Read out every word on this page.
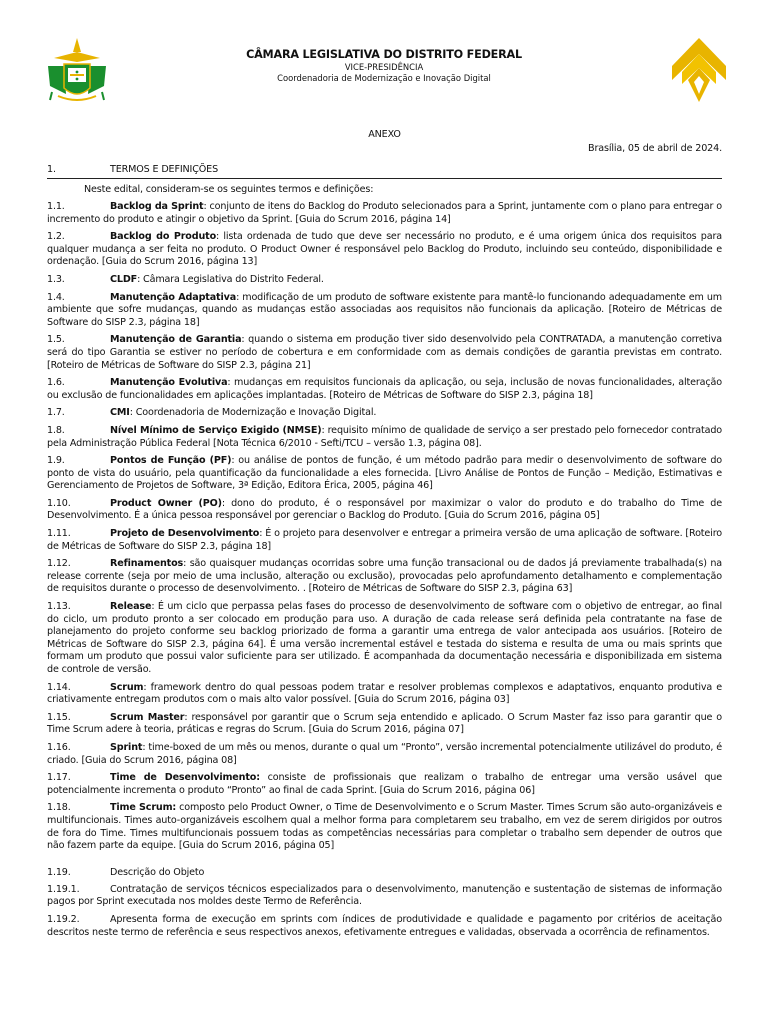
CÂMARA LEGISLATIVA DO DISTRITO FEDERAL
VICE-PRESIDÊNCIA
Coordenadoria de Modernização e Inovação Digital
ANEXO
Brasília, 05 de abril de 2024.
1.	TERMOS E DEFINIÇÕES
Neste edital, consideram-se os seguintes termos e definições:

1.1.	Backlog da Sprint: conjunto de itens do Backlog do Produto selecionados para a Sprint, juntamente com o plano para entregar o incremento do produto e atingir o objetivo da Sprint. [Guia do Scrum 2016, página 14]

1.2.	Backlog do Produto: lista ordenada de tudo que deve ser necessário no produto, e é uma origem única dos requisitos para qualquer mudança a ser feita no produto. O Product Owner é responsável pelo Backlog do Produto, incluindo seu conteúdo, disponibilidade e ordenação. [Guia do Scrum 2016, página 13]

1.3.	CLDF: Câmara Legislativa do Distrito Federal.

1.4.	Manutenção Adaptativa: modificação de um produto de software existente para mantê-lo funcionando adequadamente em um ambiente que sofre mudanças, quando as mudanças estão associadas aos requisitos não funcionais da aplicação. [Roteiro de Métricas de Software do SISP 2.3, página 18]

1.5.	Manutenção de Garantia: quando o sistema em produção tiver sido desenvolvido pela CONTRATADA, a manutenção corretiva será do tipo Garantia se estiver no período de cobertura e em conformidade com as demais condições de garantia previstas em contrato. [Roteiro de Métricas de Software do SISP 2.3, página 21]

1.6.	Manutenção Evolutiva: mudanças em requisitos funcionais da aplicação, ou seja, inclusão de novas funcionalidades, alteração ou exclusão de funcionalidades em aplicações implantadas. [Roteiro de Métricas de Software do SISP 2.3, página 18]

1.7.	CMI: Coordenadoria de Modernização e Inovação Digital.

1.8.	Nível Mínimo de Serviço Exigido (NMSE): requisito mínimo de qualidade de serviço a ser prestado pelo fornecedor contratado pela Administração Pública Federal [Nota Técnica 6/2010 - Sefti/TCU – versão 1.3, página 08].

1.9.	Pontos de Função (PF): ou análise de pontos de função, é um método padrão para medir o desenvolvimento de software do ponto de vista do usuário, pela quantificação da funcionalidade a eles fornecida. [Livro Análise de Pontos de Função – Medição, Estimativas e Gerenciamento de Projetos de Software, 3ª Edição, Editora Érica, 2005, página 46]

1.10.	Product Owner (PO): dono do produto, é o responsável por maximizar o valor do produto e do trabalho do Time de Desenvolvimento. É a única pessoa responsável por gerenciar o Backlog do Produto. [Guia do Scrum 2016, página 05]

1.11.	Projeto de Desenvolvimento: É o projeto para desenvolver e entregar a primeira versão de uma aplicação de software. [Roteiro de Métricas de Software do SISP 2.3, página 18]

1.12.	Refinamentos: são quaisquer mudanças ocorridas sobre uma função transacional ou de dados já previamente trabalhada(s) na release corrente (seja por meio de uma inclusão, alteração ou exclusão), provocadas pelo aprofundamento detalhamento e complementação de requisitos durante o processo de desenvolvimento. . [Roteiro de Métricas de Software do SISP 2.3, página 63]

1.13.	Release: É um ciclo que perpassa pelas fases do processo de desenvolvimento de software com o objetivo de entregar, ao final do ciclo, um produto pronto a ser colocado em produção para uso. A duração de cada release será definida pela contratante na fase de planejamento do projeto conforme seu backlog priorizado de forma a garantir uma entrega de valor antecipada aos usuários. [Roteiro de Métricas de Software do SISP 2.3, página 64]. É uma versão incremental estável e testada do sistema e resulta de uma ou mais sprints que formam um produto que possui valor suficiente para ser utilizado. É acompanhada da documentação necessária e disponibilizada em sistema de controle de versão.

1.14.	Scrum: framework dentro do qual pessoas podem tratar e resolver problemas complexos e adaptativos, enquanto produtiva e criativamente entregam produtos com o mais alto valor possível. [Guia do Scrum 2016, página 03]

1.15.	Scrum Master: responsável por garantir que o Scrum seja entendido e aplicado. O Scrum Master faz isso para garantir que o Time Scrum adere à teoria, práticas e regras do Scrum. [Guia do Scrum 2016, página 07]

1.16.	Sprint: time-boxed de um mês ou menos, durante o qual um “Pronto”, versão incremental potencialmente utilizável do produto, é criado. [Guia do Scrum 2016, página 08]

1.17.	Time de Desenvolvimento: consiste de profissionais que realizam o trabalho de entregar uma versão usável que potencialmente incrementa o produto “Pronto” ao final de cada Sprint. [Guia do Scrum 2016, página 06]

1.18.	Time Scrum: composto pelo Product Owner, o Time de Desenvolvimento e o Scrum Master. Times Scrum são auto-organizáveis e multifuncionais. Times auto-organizáveis escolhem qual a melhor forma para completarem seu trabalho, em vez de serem dirigidos por outros de fora do Time. Times multifuncionais possuem todas as competências necessárias para completar o trabalho sem depender de outros que não fazem parte da equipe. [Guia do Scrum 2016, página 05]

1.19.	Descrição do Objeto

1.19.1.	Contratação de serviços técnicos especializados para o desenvolvimento, manutenção e sustentação de sistemas de informação pagos por Sprint executada nos moldes deste Termo de Referência.

1.19.2.	Apresenta forma de execução em sprints com índices de produtividade e qualidade e pagamento por critérios de aceitação descritos neste termo de referência e seus respectivos anexos, efetivamente entregues e validadas, observada a ocorrência de refinamentos.
